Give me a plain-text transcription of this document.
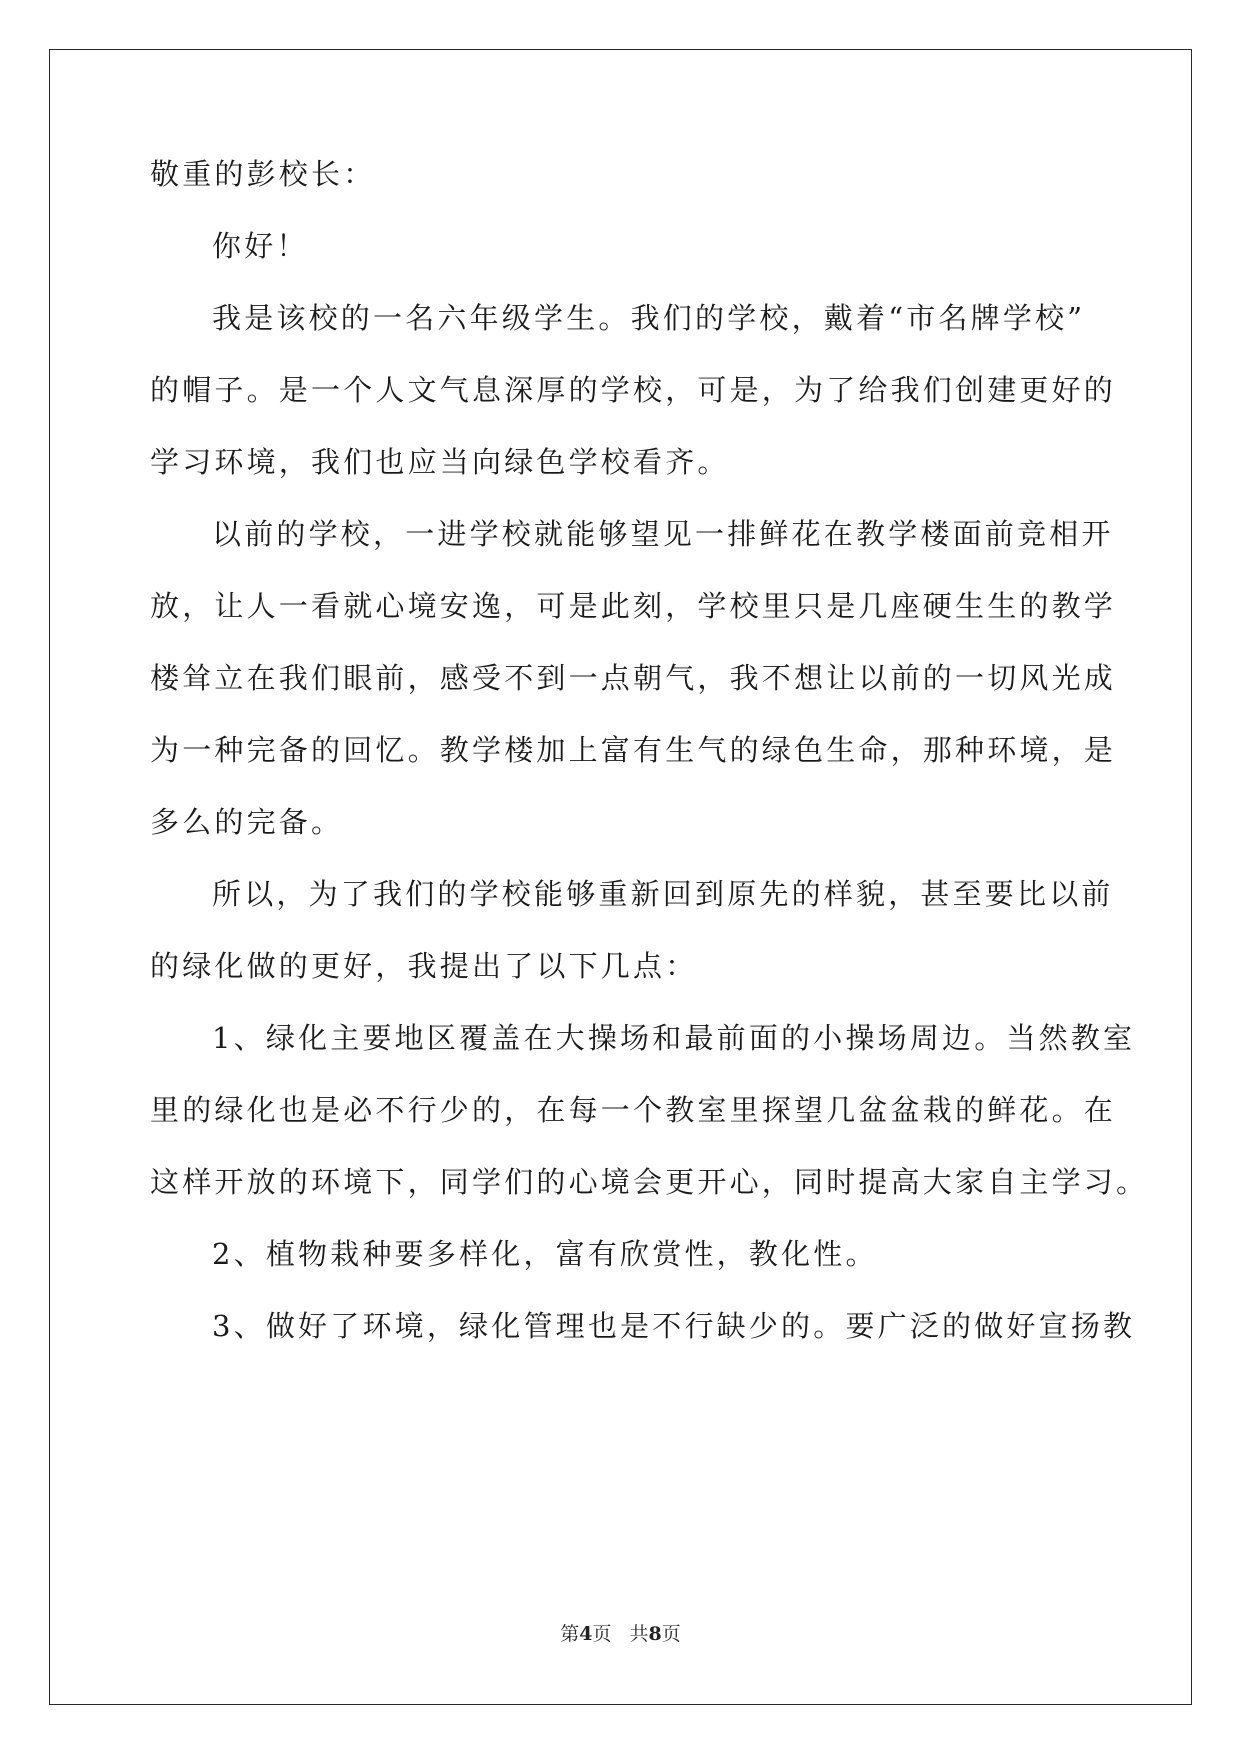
敬重的彭校长：
你好！
我是该校的一名六年级学生。我们的学校，戴着“市名牌学校”
的帽子。是一个人文气息深厚的学校，可是，为了给我们创建更好的
学习环境，我们也应当向绿色学校看齐。
以前的学校，一进学校就能够望见一排鲜花在教学楼面前竞相开
放，让人一看就心境安逸，可是此刻，学校里只是几座硬生生的教学
楼耸立在我们眼前，感受不到一点朝气，我不想让以前的一切风光成
为一种完备的回忆。教学楼加上富有生气的绿色生命，那种环境，是
多么的完备。
所以，为了我们的学校能够重新回到原先的样貌，甚至要比以前
的绿化做的更好，我提出了以下几点：
1、绿化主要地区覆盖在大操场和最前面的小操场周边。当然教室
里的绿化也是必不行少的，在每一个教室里探望几盆盆栽的鲜花。在
这样开放的环境下，同学们的心境会更开心，同时提高大家自主学习。
2、植物栽种要多样化，富有欣赏性，教化性。
3、做好了环境，绿化管理也是不行缺少的。要广泛的做好宣扬教
第4页 共8页
